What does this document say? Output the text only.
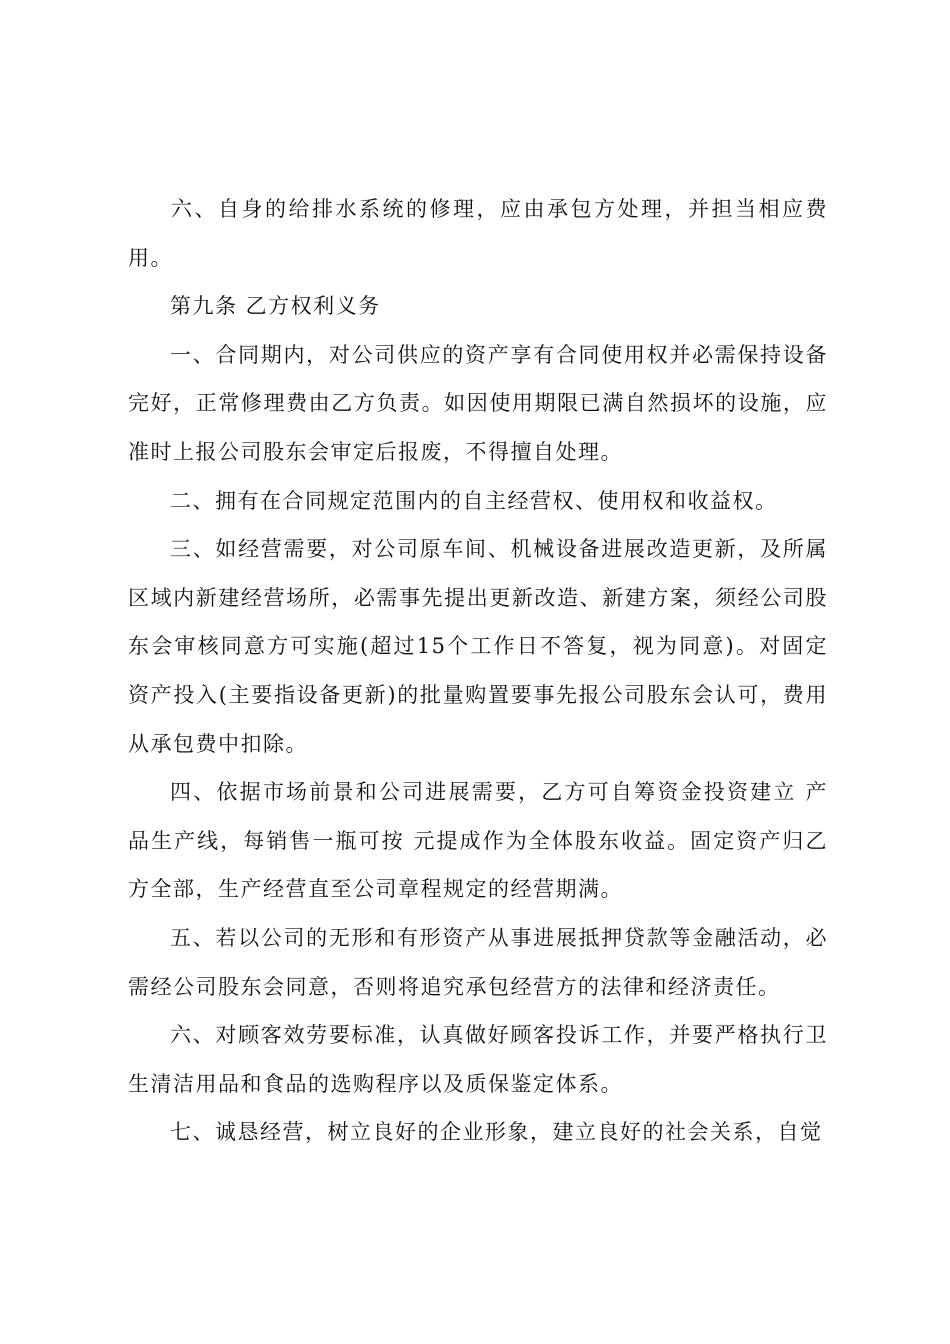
六、自身的给排水系统的修理，应由承包方处理，并担当相应费用。

第九条 乙方权利义务

一、合同期内，对公司供应的资产享有合同使用权并必需保持设备完好，正常修理费由乙方负责。如因使用期限已满自然损坏的设施，应准时上报公司股东会审定后报废，不得擅自处理。

二、拥有在合同规定范围内的自主经营权、使用权和收益权。

三、如经营需要，对公司原车间、机械设备进展改造更新，及所属区域内新建经营场所，必需事先提出更新改造、新建方案，须经公司股东会审核同意方可实施(超过15个工作日不答复，视为同意)。对固定资产投入(主要指设备更新)的批量购置要事先报公司股东会认可，费用从承包费中扣除。

四、依据市场前景和公司进展需要，乙方可自筹资金投资建立 产品生产线，每销售一瓶可按 元提成作为全体股东收益。固定资产归乙方全部，生产经营直至公司章程规定的经营期满。

五、若以公司的无形和有形资产从事进展抵押贷款等金融活动，必需经公司股东会同意，否则将追究承包经营方的法律和经济责任。

六、对顾客效劳要标准，认真做好顾客投诉工作，并要严格执行卫生清洁用品和食品的选购程序以及质保鉴定体系。

七、诚恳经营，树立良好的企业形象，建立良好的社会关系，自觉
